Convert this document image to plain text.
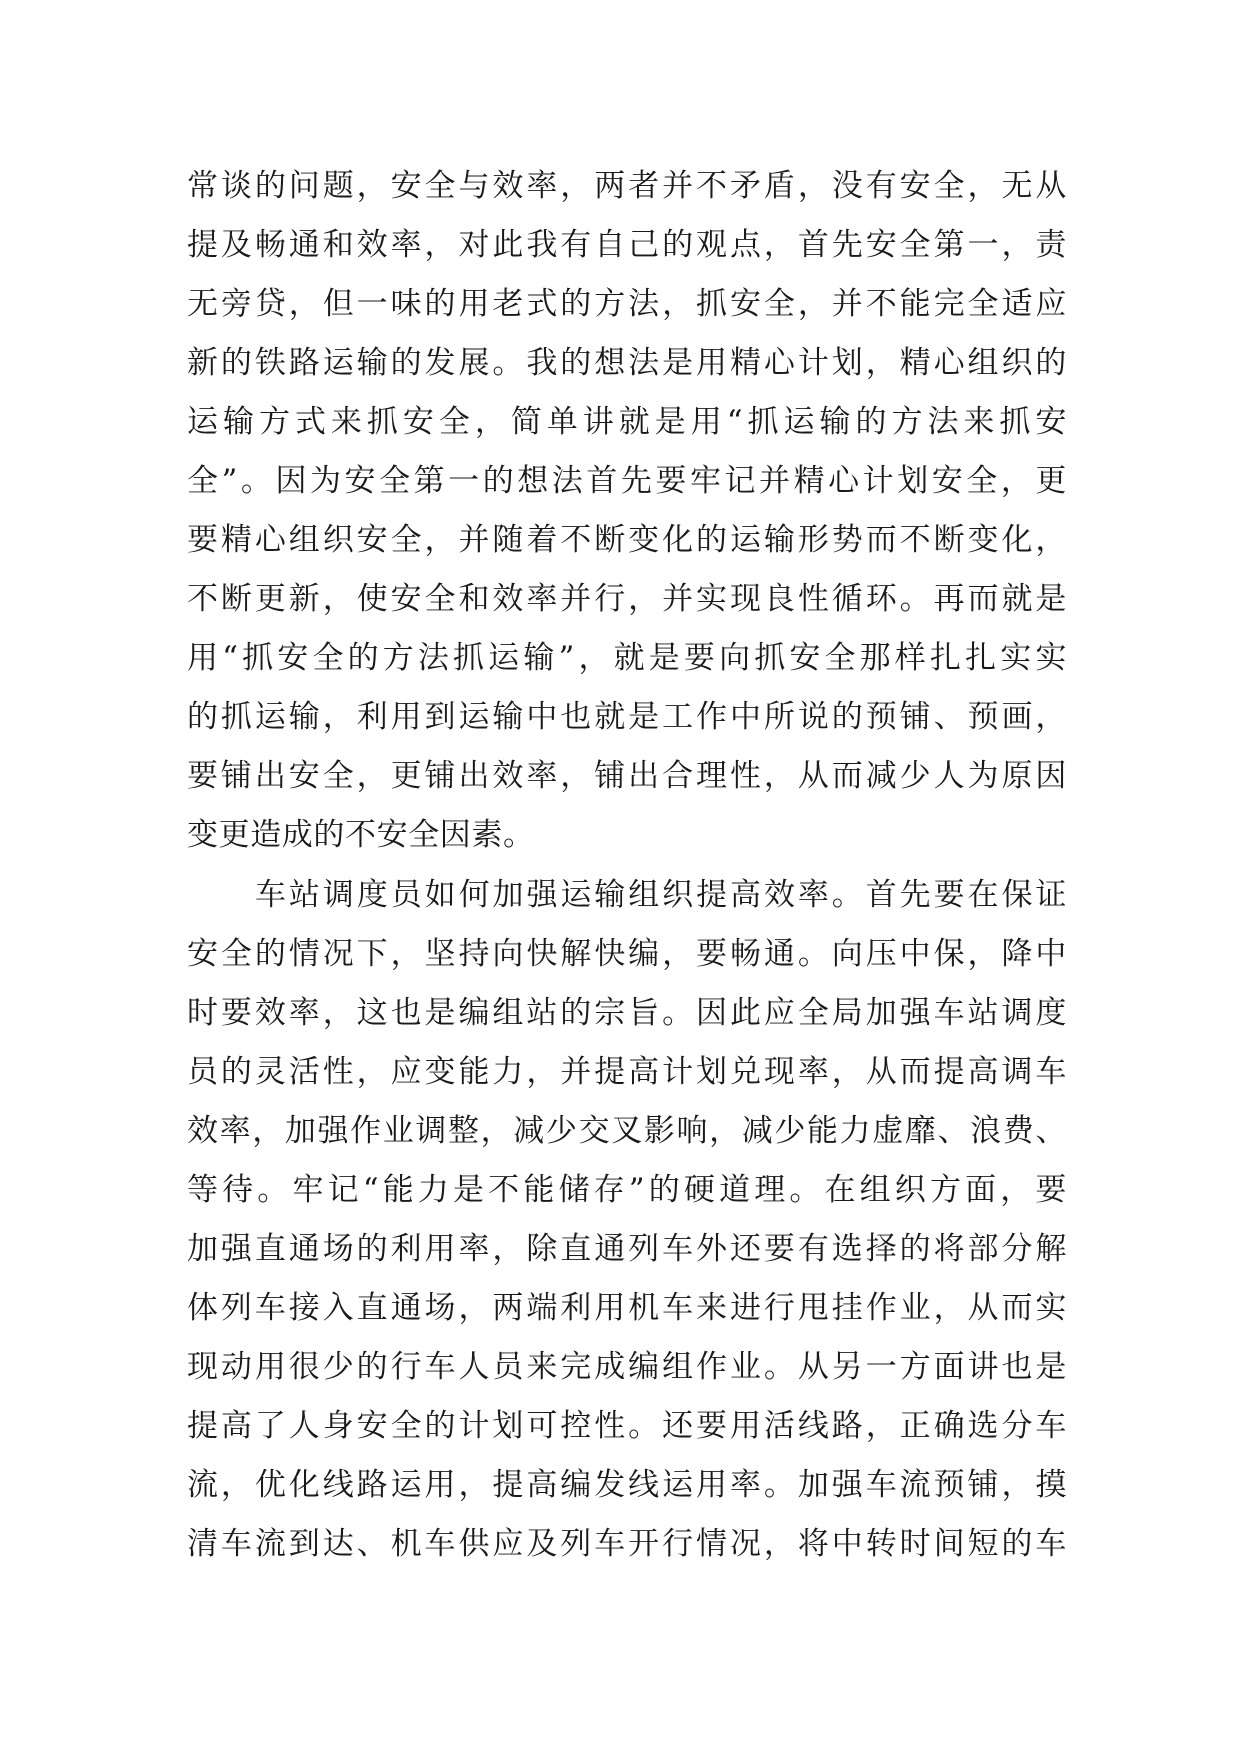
常谈的问题，安全与效率，两者并不矛盾，没有安全，无从
提及畅通和效率，对此我有自己的观点，首先安全第一，责
无旁贷，但一味的用老式的方法，抓安全，并不能完全适应
新的铁路运输的发展。我的想法是用精心计划，精心组织的
运输方式来抓安全，简单讲就是用“抓运输的方法来抓安
全”。因为安全第一的想法首先要牢记并精心计划安全，更
要精心组织安全，并随着不断变化的运输形势而不断变化，
不断更新，使安全和效率并行，并实现良性循环。再而就是
用“抓安全的方法抓运输”，就是要向抓安全那样扎扎实实
的抓运输，利用到运输中也就是工作中所说的预铺、预画，
要铺出安全，更铺出效率，铺出合理性，从而减少人为原因
变更造成的不安全因素。
车站调度员如何加强运输组织提高效率。首先要在保证
安全的情况下，坚持向快解快编，要畅通。向压中保，降中
时要效率，这也是编组站的宗旨。因此应全局加强车站调度
员的灵活性，应变能力，并提高计划兑现率，从而提高调车
效率，加强作业调整，减少交叉影响，减少能力虚靡、浪费、
等待。牢记“能力是不能储存”的硬道理。在组织方面，要
加强直通场的利用率，除直通列车外还要有选择的将部分解
体列车接入直通场，两端利用机车来进行甩挂作业，从而实
现动用很少的行车人员来完成编组作业。从另一方面讲也是
提高了人身安全的计划可控性。还要用活线路，正确选分车
流，优化线路运用，提高编发线运用率。加强车流预铺，摸
清车流到达、机车供应及列车开行情况，将中转时间短的车
